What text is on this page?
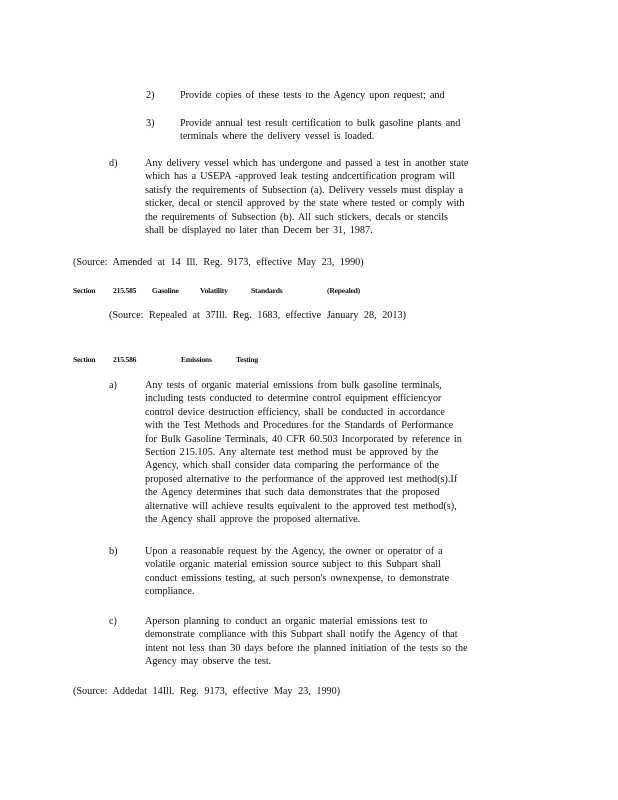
2)	Provide copies of these tests to the Agency upon request; and
3)	Provide annual test result certification to bulk gasoline plants and
terminals where the delivery vessel is loaded.
d)	Any delivery vessel which has undergone and passed a test in another state
which has a USEPA -approved leak testing andcertification program will
satisfy the requirements of Subsection (a). Delivery vessels must display a
sticker, decal or stencil approved by the state where tested or comply with
the requirements of Subsection (b). All such stickers, decals or stencils
shall be displayed no later than Decem ber 31, 1987.

(Source: Amended at 14 Ill. Reg. 9173, effective May 23, 1990)

Section 215.585 Gasoline	Volatility	Standards	(Repealed)

(Source: Repealed at 37Ill. Reg. 1683, effective January 28, 2013)

Section 215.586	Emissions	Testing
a)	Any tests of organic material emissions from bulk gasoline terminals,
including tests conducted to determine control equipment efficiencyor
control device destruction efficiency, shall be conducted in accordance
with the Test Methods and Procedures for the Standards of Performance
for Bulk Gasoline Terminals, 40 CFR 60.503 Incorporated by reference in
Section 215.105. Any alternate test method must be approved by the
Agency, which shall consider data comparing the performance of the
proposed alternative to the performance of the approved test method(s).If
the Agency determines that such data demonstrates that the proposed
alternative will achieve results equivalent to the approved test method(s),
the Agency shall approve the proposed alternative.
b)	Upon a reasonable request by the Agency, the owner or operator of a
volatile organic material emission source subject to this Subpart shall
conduct emissions testing, at such person's ownexpense, to demonstrate
compliance.
c)	Aperson planning to conduct an organic material emissions test to
demonstrate compliance with this Subpart shall notify the Agency of that
intent not less than 30 days before the planned initiation of the tests so the
Agency may observe the test.

(Source: Addedat 14Ill. Reg. 9173, effective May 23, 1990)
